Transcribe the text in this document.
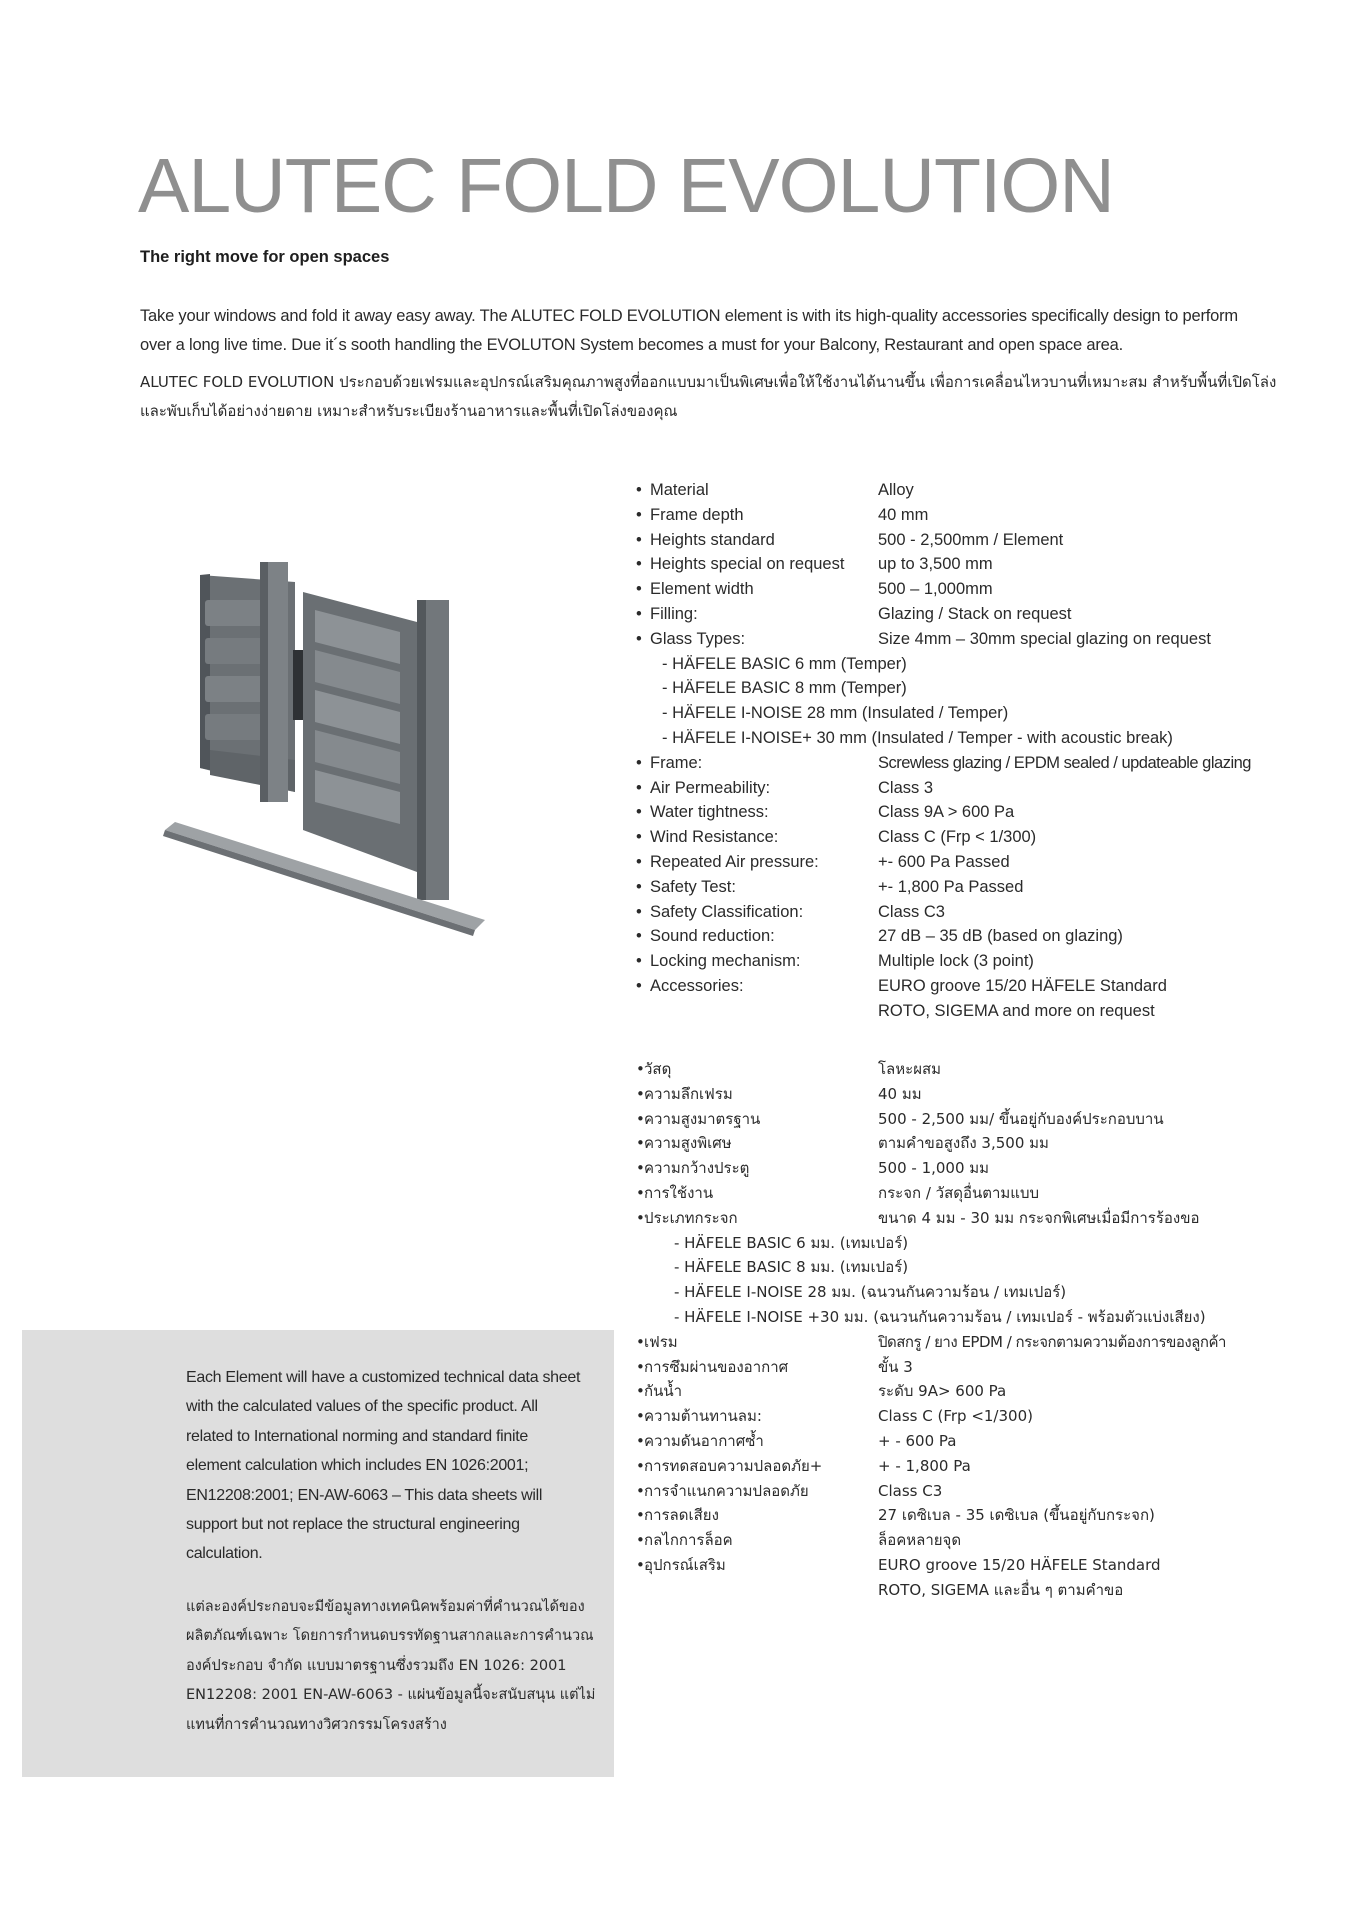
ALUTEC FOLD EVOLUTION

The right move for open spaces

Take your windows and fold it away easy away. The ALUTEC FOLD EVOLUTION element is with its high-quality accessories specifically design to perform over a long live time. Due it´s sooth handling the EVOLUTON System becomes a must for your Balcony, Restaurant and open space area.

ALUTEC FOLD EVOLUTION ประกอบด้วยเฟรมและอุปกรณ์เสริมคุณภาพสูงที่ออกแบบมาเป็นพิเศษเพื่อให้ใช้งานได้นานขึ้น เพื่อการเคลื่อนไหวบานที่เหมาะสม สำหรับพื้นที่เปิดโล่งและพับเก็บได้อย่างง่ายดาย เหมาะสำหรับระเบียงร้านอาหารและพื้นที่เปิดโล่งของคุณ

• Material	Alloy
• Frame depth	40 mm
• Heights standard	500 - 2,500mm / Element
• Heights special on request	up to 3,500 mm
• Element width	500 – 1,000mm
• Filling:	Glazing / Stack on request
• Glass Types:	Size 4mm – 30mm special glazing on request
- HÄFELE BASIC 6 mm (Temper)
- HÄFELE BASIC 8 mm (Temper)
- HÄFELE I-NOISE 28 mm (Insulated / Temper)
- HÄFELE I-NOISE+ 30 mm (Insulated / Temper - with acoustic break)
• Frame:	Screwless glazing / EPDM sealed / updateable glazing
• Air Permeability:	Class 3
• Water tightness:	Class 9A > 600 Pa
• Wind Resistance:	Class C (Frp < 1/300)
• Repeated Air pressure:	+- 600 Pa Passed
• Safety Test:	+- 1,800 Pa Passed
• Safety Classification:	Class C3
• Sound reduction:	27 dB – 35 dB (based on glazing)
• Locking mechanism:	Multiple lock (3 point)
• Accessories:	EURO groove 15/20 HÄFELE Standard
ROTO, SIGEMA and more on request
• วัสดุ	โลหะผสม
• ความลึกเฟรม	40 มม
• ความสูงมาตรฐาน	500 - 2,500 มม/ ขึ้นอยู่กับองค์ประกอบบาน
• ความสูงพิเศษ	ตามคำขอสูงถึง 3,500 มม
• ความกว้างประตู	500 - 1,000 มม
• การใช้งาน	กระจก / วัสดุอื่นตามแบบ
• ประเภทกระจก	ขนาด 4 มม - 30 มม กระจกพิเศษเมื่อมีการร้องขอ
- HÄFELE BASIC 6 มม. (เทมเปอร์)
- HÄFELE BASIC 8 มม. (เทมเปอร์)
- HÄFELE I-NOISE 28 มม. (ฉนวนกันความร้อน / เทมเปอร์)
- HÄFELE I-NOISE +30 มม. (ฉนวนกันความร้อน / เทมเปอร์ - พร้อมตัวแบ่งเสียง)
• เฟรม	ปิดสกรู / ยาง EPDM / กระจกตามความต้องการของลูกค้า
• การซึมผ่านของอากาศ	ขั้น 3
• กันน้ำ	ระดับ 9A> 600 Pa
• ความต้านทานลม:	Class C (Frp <1/300)
• ความดันอากาศซ้ำ	+ - 600 Pa
• การทดสอบความปลอดภัย+	+ - 1,800 Pa
• การจำแนกความปลอดภัย	Class C3
• การลดเสียง	27 เดซิเบล - 35 เดซิเบล (ขึ้นอยู่กับกระจก)
• กลไกการล็อค	ล็อคหลายจุด
• อุปกรณ์เสริม	EURO groove 15/20 HÄFELE Standard
ROTO, SIGEMA และอื่น ๆ ตามคำขอ

Each Element will have a customized technical data sheet with the calculated values of the specific product. All related to International norming and standard finite element calculation which includes EN 1026:2001; EN12208:2001; EN-AW-6063 – This data sheets will support but not replace the structural engineering calculation.

แต่ละองค์ประกอบจะมีข้อมูลทางเทคนิคพร้อมค่าที่คำนวณได้ของผลิตภัณฑ์เฉพาะ โดยการกำหนดบรรทัดฐานสากลและการคำนวณองค์ประกอบ จำกัด แบบมาตรฐานซึ่งรวมถึง EN 1026: 2001 EN12208: 2001 EN-AW-6063 - แผ่นข้อมูลนี้จะสนับสนุน แต่ไม่แทนที่การคำนวณทางวิศวกรรมโครงสร้าง
